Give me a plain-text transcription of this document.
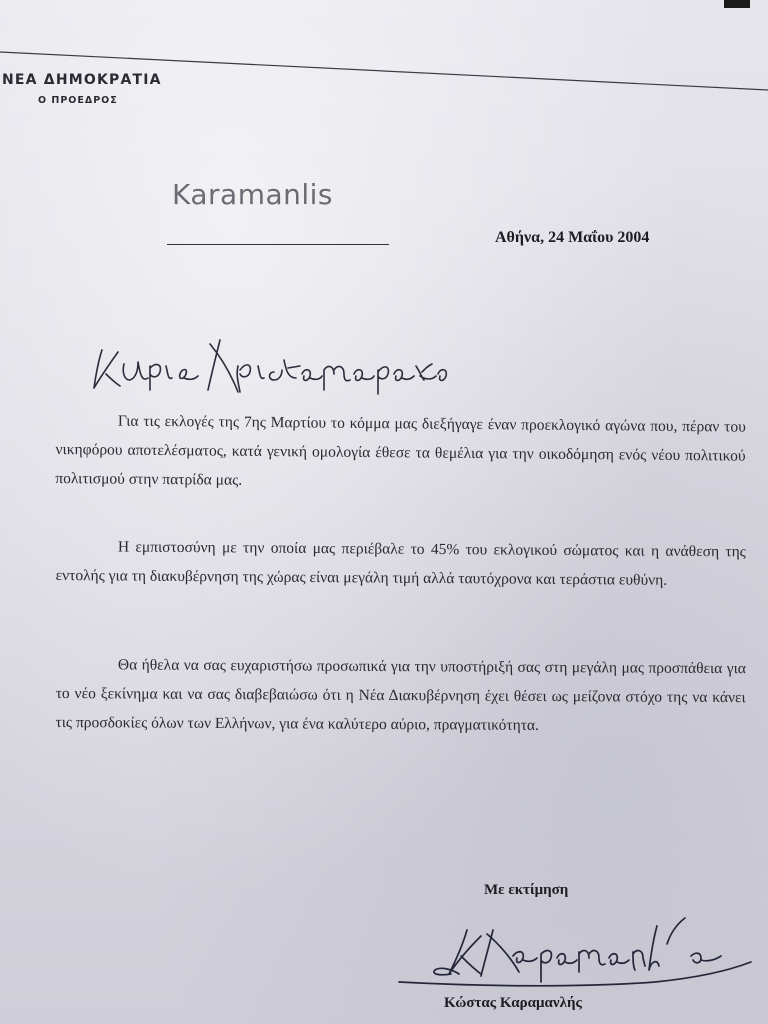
ΝΕΑ ΔΗΜΟΚΡΑΤΙΑ
Ο ΠΡΟΕΔΡΟΣ
Karamanlis
Αθήνα, 24 Μαΐου 2004

Για τις εκλογές της 7ης Μαρτίου το κόμμα μας διεξήγαγε έναν προεκλογικό αγώνα που, πέραν του νικηφόρου αποτελέσματος, κατά γενική ομολογία έθεσε τα θεμέλια για την οικοδόμηση ενός νέου πολιτικού πολιτισμού στην πατρίδα μας.

Η εμπιστοσύνη με την οποία μας περιέβαλε το 45% του εκλογικού σώματος και η ανάθεση της εντολής για τη διακυβέρνηση της χώρας είναι μεγάλη τιμή αλλά ταυτόχρονα και τεράστια ευθύνη.

Θα ήθελα να σας ευχαριστήσω προσωπικά για την υποστήριξή σας στη μεγάλη μας προσπάθεια για το νέο ξεκίνημα και να σας διαβεβαιώσω ότι η Νέα Διακυβέρνηση έχει θέσει ως μείζονα στόχο της να κάνει τις προσδοκίες όλων των Ελλήνων, για ένα καλύτερο αύριο, πραγματικότητα.

Με εκτίμηση
Κώστας Καραμανλής
